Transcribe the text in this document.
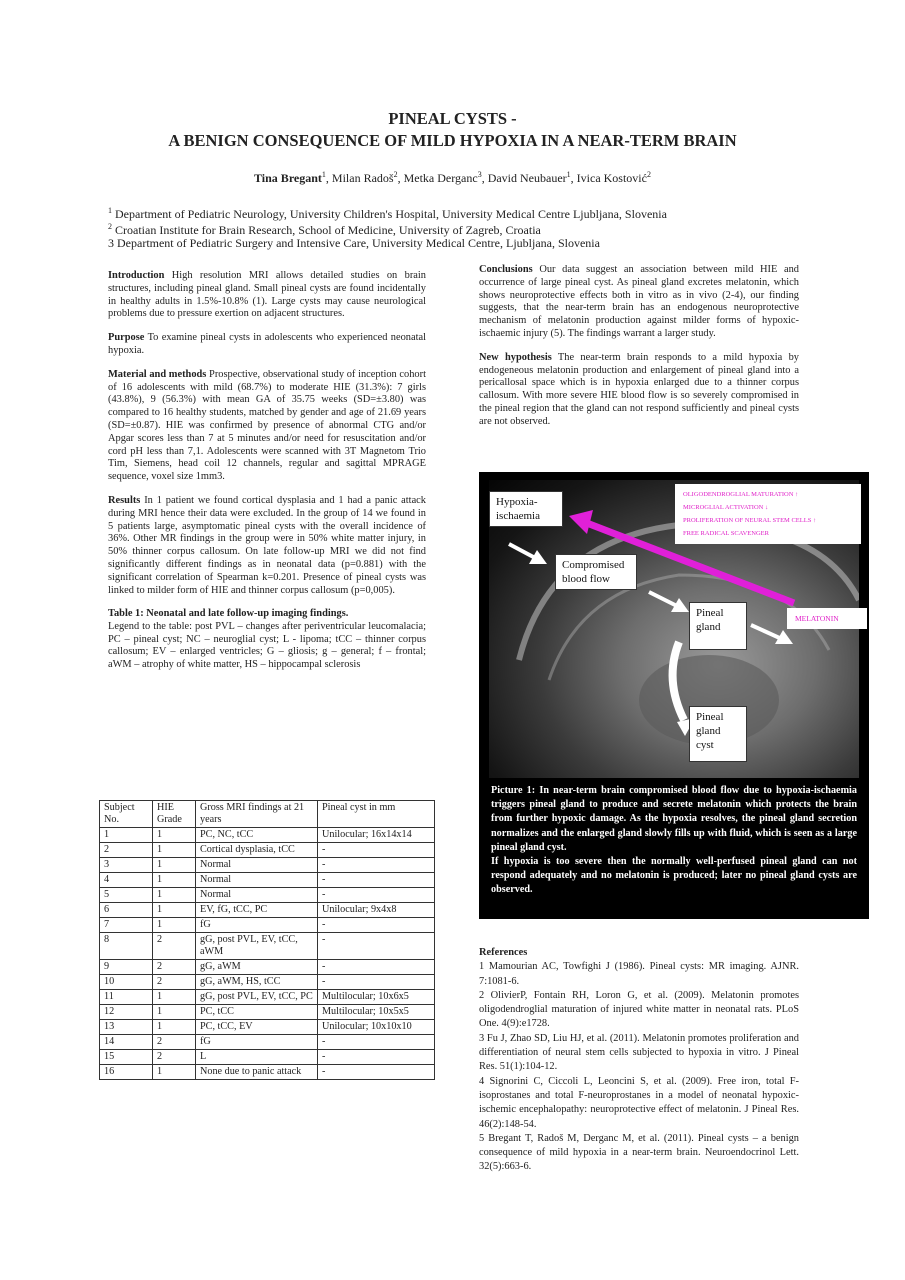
PINEAL CYSTS -
A BENIGN CONSEQUENCE OF MILD HYPOXIA IN A NEAR-TERM BRAIN
Tina Bregant$^1$, Milan Radoš$^2$, Metka Derganc$^3$, David Neubauer$^1$, Ivica Kostović$^2$
$^1$ Department of Pediatric Neurology, University Children's Hospital, University Medical Centre Ljubljana, Slovenia
$^2$ Croatian Institute for Brain Research, School of Medicine, University of Zagreb, Croatia
3 Department of Pediatric Surgery and Intensive Care, University Medical Centre, Ljubljana, Slovenia

Introduction High resolution MRI allows detailed studies on brain structures, including pineal gland. Small pineal cysts are found incidentally in healthy adults in 1.5%-10.8% (1). Large cysts may cause neurological problems due to pressure exertion on adjacent structures.

Purpose To examine pineal cysts in adolescents who experienced neonatal hypoxia.

Material and methods Prospective, observational study of inception cohort of 16 adolescents with mild (68.7%) to moderate HIE (31.3%): 7 girls (43.8%), 9 (56.3%) with mean GA of 35.75 weeks (SD=±3.80) was compared to 16 healthy students, matched by gender and age of 21.69 years (SD=±0.87). HIE was confirmed by presence of abnormal CTG and/or Apgar scores less than 7 at 5 minutes and/or need for resuscitation and/or cord pH less than 7,1. Adolescents were scanned with 3T Magnetom Trio Tim, Siemens, head coil 12 channels, regular and sagittal MPRAGE sequence, voxel size 1mm3.

Results In 1 patient we found cortical dysplasia and 1 had a panic attack during MRI hence their data were excluded. In the group of 14 we found in 5 patients large, asymptomatic pineal cysts with the overall incidence of 36%. Other MR findings in the group were in 50% white matter injury, in 50% thinner corpus callosum. On late follow-up MRI we did not find significantly different findings as in neonatal data (p=0.881) with the significant correlation of Spearman k=0.201. Presence of pineal cysts was linked to milder form of HIE and thinner corpus callosum (p=0,005).

Table 1: Neonatal and late follow-up imaging findings.
Legend to the table: post PVL – changes after periventricular leucomalacia; PC – pineal cyst; NC – neuroglial cyst; L - lipoma; tCC – thinner corpus callosum; EV – enlarged ventricles; G – gliosis; g – general; f – frontal; aWM – atrophy of white matter, HS – hippocampal sclerosis
Subject No.	HIE Grade	Gross MRI findings at 21 years	Pineal cyst in mm
1	1	PC, NC, tCC	Unilocular; 16x14x14
2	1	Cortical dysplasia, tCC	-
3	1	Normal	-
4	1	Normal	-
5	1	Normal	-
6	1	EV, fG, tCC, PC	Unilocular; 9x4x8
7	1	fG	-
8	2	gG, post PVL, EV, tCC, aWM	-
9	2	gG, aWM	-
10	2	gG, aWM, HS, tCC	-
11	1	gG, post PVL, EV, tCC, PC	Multilocular; 10x6x5
12	1	PC, tCC	Multilocular; 10x5x5
13	1	PC, tCC, EV	Unilocular; 10x10x10
14	2	fG	-
15	2	L	-
16	1	None due to panic attack	-

Conclusions Our data suggest an association between mild HIE and occurrence of large pineal cyst. As pineal gland excretes melatonin, which shows neuroprotective effects both in vitro as in vivo (2-4), our finding suggests, that the near-term brain has an endogenous neuroprotective mechanism of melatonin production against milder forms of hypoxic-ischaemic injury (5). The findings warrant a larger study.

New hypothesis The near-term brain responds to a mild hypoxia by endogeneous melatonin production and enlargement of pineal gland into a pericallosal space which is in hypoxia enlarged due to a thinner corpus callosum. With more severe HIE blood flow is so severely compromised in the pineal region that the gland can not respond sufficiently and pineal cysts are not observed.

Hypoxia-ischaemia
Compromised blood flow
Pineal gland
Pineal gland cyst
OLIGODENDROGLIAL MATURATION ↑
MICROGLIAL ACTIVATION ↓
PROLIFERATION OF NEURAL STEM CELLS ↑
FREE RADICAL SCAVENGER
MELATONIN
Picture 1: In near-term brain compromised blood flow due to hypoxia-ischaemia triggers pineal gland to produce and secrete melatonin which protects the brain from further hypoxic damage. As the hypoxia resolves, the pineal gland secretion normalizes and the enlarged gland slowly fills up with fluid, which is seen as a large pineal gland cyst.
If hypoxia is too severe then the normally well-perfused pineal gland can not respond adequately and no melatonin is produced; later no pineal gland cysts are observed.

References

1 Mamourian AC, Towfighi J (1986). Pineal cysts: MR imaging. AJNR. 7:1081-6.

2 OlivierP, Fontain RH, Loron G, et al. (2009). Melatonin promotes oligodendroglial maturation of injured white matter in neonatal rats. PLoS One. 4(9):e1728.

3 Fu J, Zhao SD, Liu HJ, et al. (2011). Melatonin promotes proliferation and differentiation of neural stem cells subjected to hypoxia in vitro. J Pineal Res. 51(1):104-12.

4 Signorini C, Ciccoli L, Leoncini S, et al. (2009). Free iron, total F-isoprostanes and total F-neuroprostanes in a model of neonatal hypoxic-ischemic encephalopathy: neuroprotective effect of melatonin. J Pineal Res. 46(2):148-54.

5 Bregant T, Radoš M, Derganc M, et al. (2011). Pineal cysts – a benign consequence of mild hypoxia in a near-term brain. Neuroendocrinol Lett. 32(5):663-6.
